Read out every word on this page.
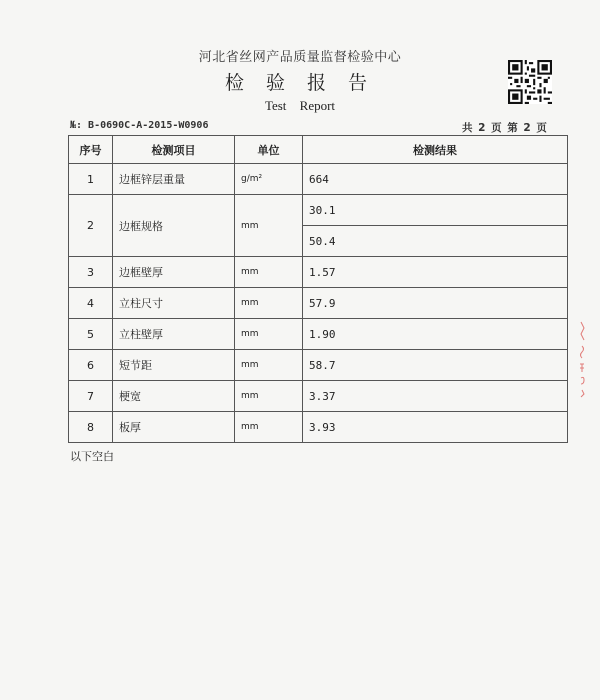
河北省丝网产品质量监督检验中心
检 验 报 告
Test Report
№: B-0690C-A-2015-W0906	共 2 页 第 2 页
序号	检测项目	单位	检测结果
1	边框锌层重量	g/m²	664
2	边框规格	mm	30.1
			50.4
3	边框壁厚	mm	1.57
4	立柱尺寸	mm	57.9
5	立柱壁厚	mm	1.90
6	短节距	mm	58.7
7	梗宽	mm	3.37
8	板厚	mm	3.93
以下空白
